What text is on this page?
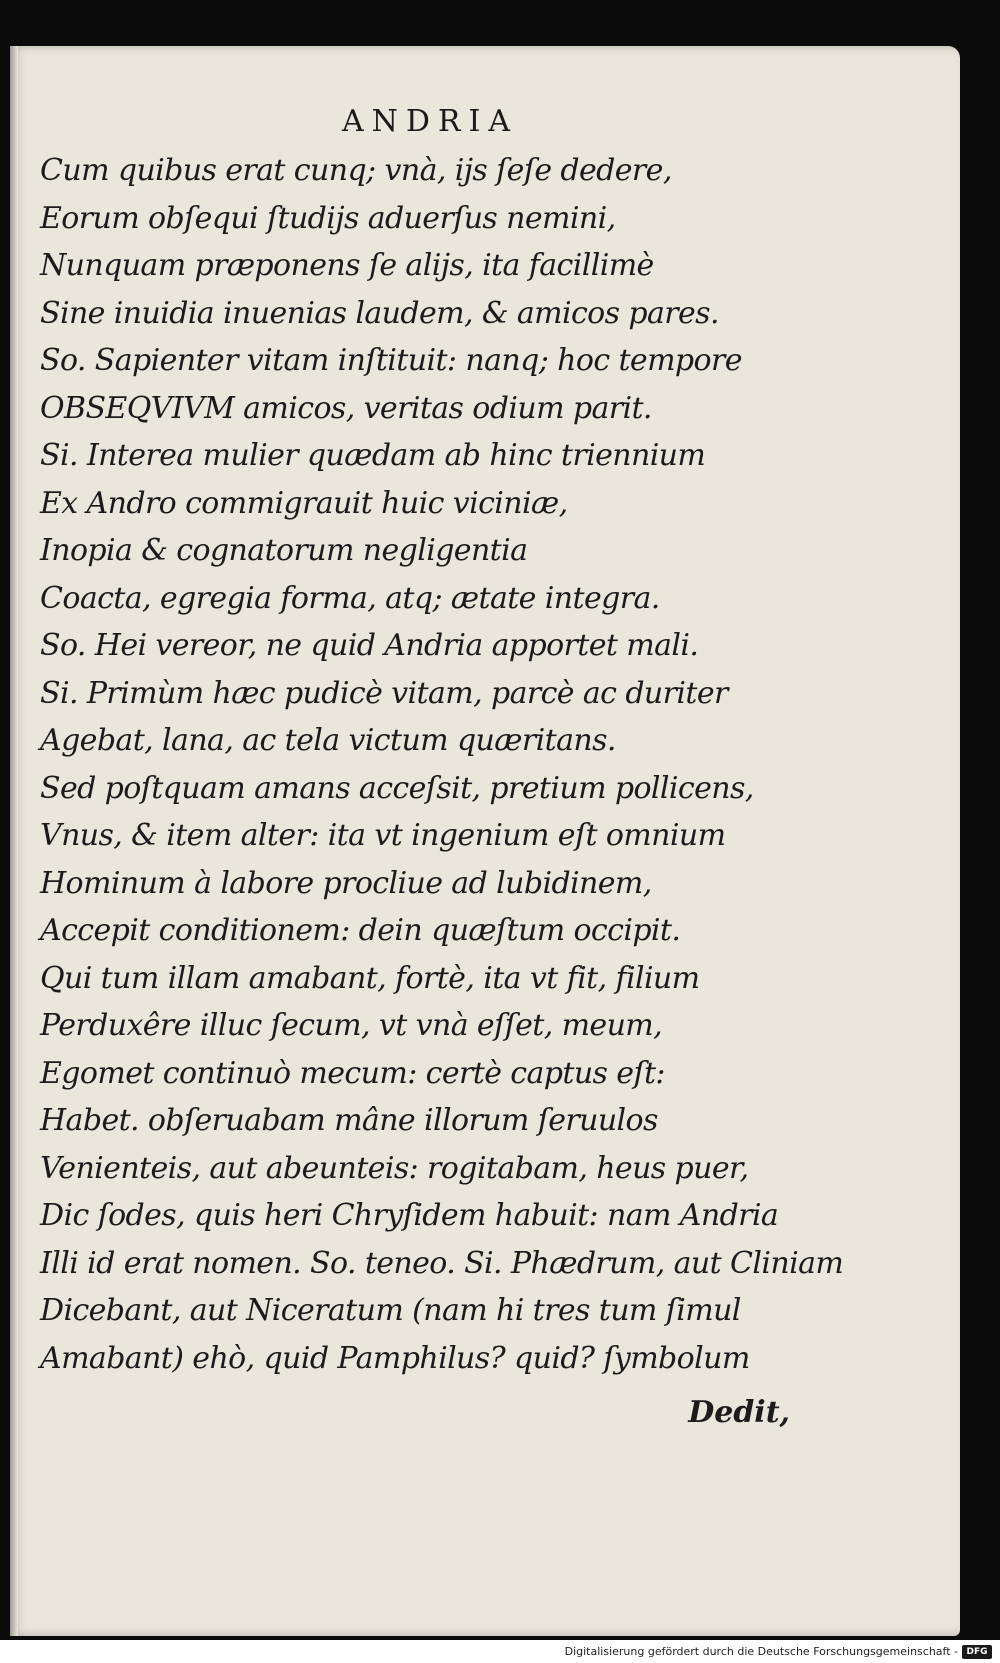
ANDRIA
Cum quibus erat cunq; vnà, ijs ſeſe dedere,
Eorum obſequi ſtudijs aduerſus nemini,
Nunquam præponens ſe alijs, ita facillimè
Sine inuidia inuenias laudem, & amicos pares.
So. Sapienter vitam inſtituit: nanq; hoc tempore
OBSEQVIVM amicos, veritas odium parit.
Si. Interea mulier quædam ab hinc triennium
Ex Andro commigrauit huic viciniæ,
Inopia & cognatorum negligentia
Coacta, egregia forma, atq; ætate integra.
So. Hei vereor, ne quid Andria apportet mali.
Si. Primùm hæc pudicè vitam, parcè ac duriter
Agebat, lana, ac tela victum quæritans.
Sed poſtquam amans acceſsit, pretium pollicens,
Vnus, & item alter: ita vt ingenium eſt omnium
Hominum à labore procliue ad lubidinem,
Accepit conditionem: dein quæſtum occipit.
Qui tum illam amabant, fortè, ita vt fit, filium
Perduxêre illuc ſecum, vt vnà eſſet, meum,
Egomet continuò mecum: certè captus eſt:
Habet. obſeruabam mâne illorum ſeruulos
Venienteis, aut abeunteis: rogitabam, heus puer,
Dic ſodes, quis heri Chryſidem habuit: nam Andria
Illi id erat nomen. So. teneo. Si. Phædrum, aut Cliniam
Dicebant, aut Niceratum (nam hi tres tum ſimul
Amabant) ehò, quid Pamphilus? quid? ſymbolum
Dedit,
Digitalisierung gefördert durch die Deutsche Forschungsgemeinschaft - DFG
